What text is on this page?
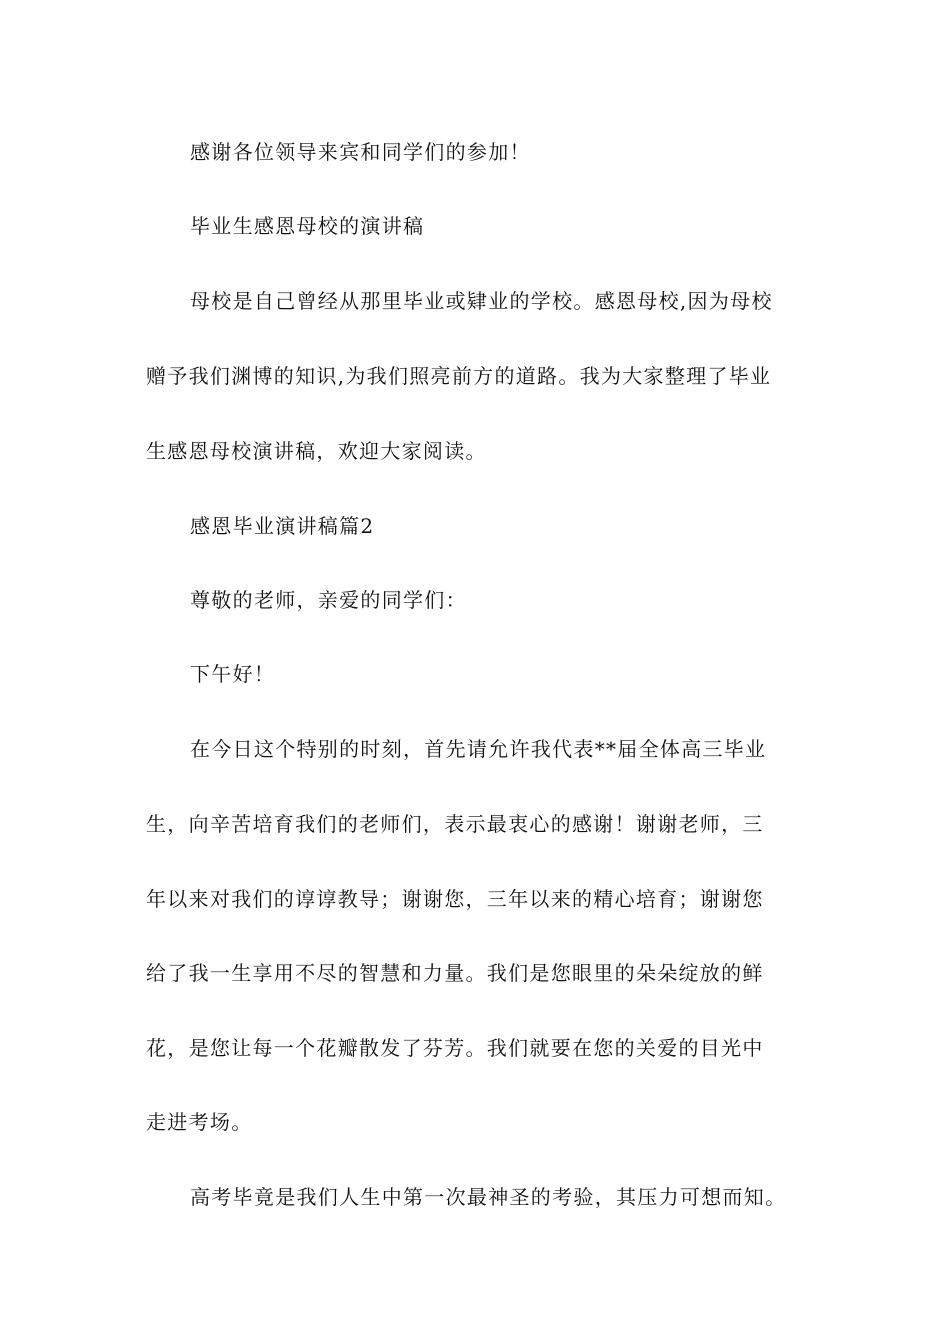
感谢各位领导来宾和同学们的参加！
毕业生感恩母校的演讲稿
母校是自己曾经从那里毕业或肄业的学校。感恩母校,因为母校
赠予我们渊博的知识,为我们照亮前方的道路。我为大家整理了毕业
生感恩母校演讲稿，欢迎大家阅读。
感恩毕业演讲稿篇2
尊敬的老师，亲爱的同学们：
下午好！
在今日这个特别的时刻，首先请允许我代表**届全体高三毕业
生，向辛苦培育我们的老师们，表示最衷心的感谢！谢谢老师，三
年以来对我们的谆谆教导；谢谢您，三年以来的精心培育；谢谢您
给了我一生享用不尽的智慧和力量。我们是您眼里的朵朵绽放的鲜
花，是您让每一个花瓣散发了芬芳。我们就要在您的关爱的目光中
走进考场。
高考毕竟是我们人生中第一次最神圣的考验，其压力可想而知。
